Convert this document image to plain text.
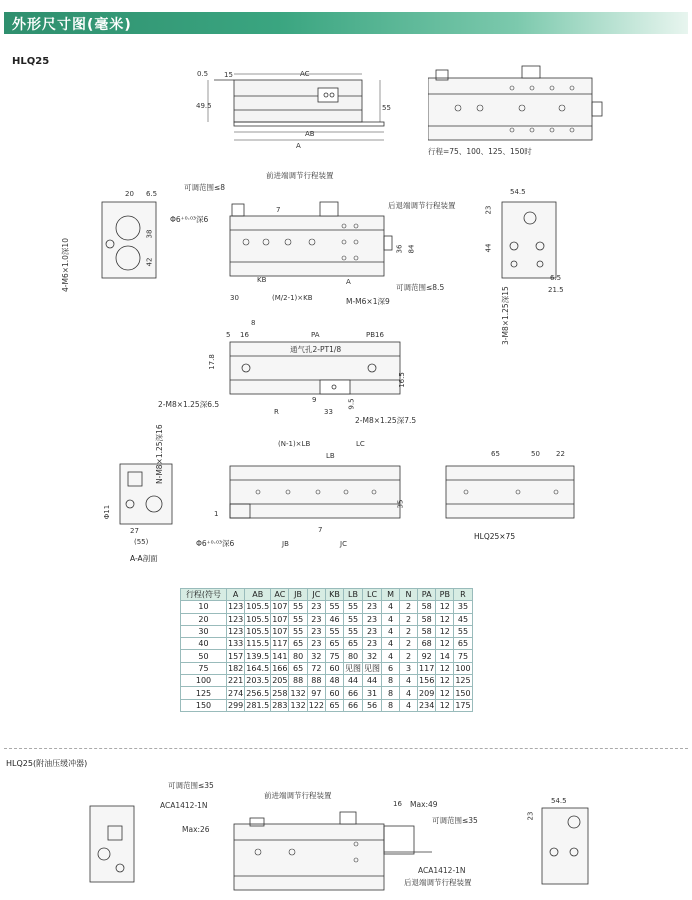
外形尺寸图(毫米)
HLQ25
0.5 15	AC
49.5	55
AB
A
行程=75、100、125、150时
20 6.5
38
42
4-M6×1.0深10
可调范围≤8
前进端调节行程装置
后退端调节行程装置
Φ6⁺⁰·⁰³深6
7
36 84
可调范围≤8.5
KB
(M/2-1)×KB
30	M-M6×1深9
A
54.5
23
44
6.5
21.5
3-M8×1.25深15
8
5 16	PA	PB16
通气孔2-PT1/8
17.8
16.5
2-M8×1.25深6.5
R
9
33
9.5
2-M8×1.25深7.5
N-M8×1.25深16
Φ11
27
(55)
A-A剖面
(N-1)×LB	LC
LB
1
35
Φ6⁺⁰·⁰³深6
7
JB	JC
65	50 22
HLQ25×75
行程(符号	A	AB	AC	JB	JC	KB	LB	LC	M	N	PA	PB	R
10	123	105.5	107	55	23	55	55	23	4	2	58	12	35
20	123	105.5	107	55	23	46	55	23	4	2	58	12	45
30	123	105.5	107	55	23	55	55	23	4	2	58	12	55
40	133	115.5	117	65	23	65	65	23	4	2	68	12	65
50	157	139.5	141	80	32	75	80	32	4	2	92	14	75
75	182	164.5	166	65	72	60	见图	见图	6	3	117	12	100
100	221	203.5	205	88	88	48	44	44	8	4	156	12	125
125	274	256.5	258	132	97	60	66	31	8	4	209	12	150
150	299	281.5	283	132	122	65	66	56	8	4	234	12	175
HLQ25(附油压缓冲器)
可调范围≤35
ACA1412-1N
Max:26
前进端调节行程装置
16 Max:49
可调范围≤35
ACA1412-1N
后退端调节行程装置
54.5
23
